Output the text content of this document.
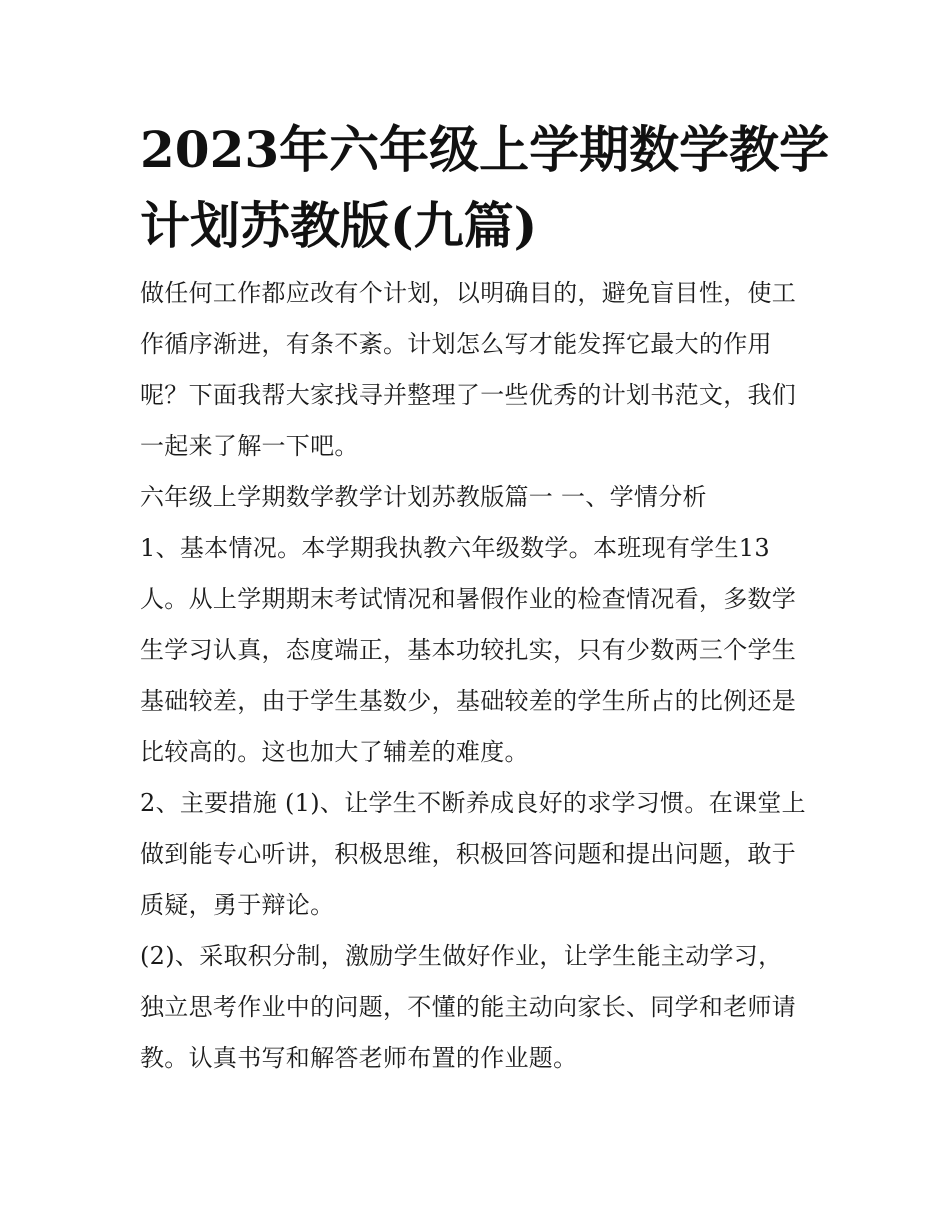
2023年六年级上学期数学教学
计划苏教版(九篇)
做任何工作都应改有个计划，以明确目的，避免盲目性，使工
作循序渐进，有条不紊。计划怎么写才能发挥它最大的作用
呢？下面我帮大家找寻并整理了一些优秀的计划书范文，我们
一起来了解一下吧。
六年级上学期数学教学计划苏教版篇一 一、学情分析
1、基本情况。本学期我执教六年级数学。本班现有学生13
人。从上学期期末考试情况和暑假作业的检查情况看，多数学
生学习认真，态度端正，基本功较扎实，只有少数两三个学生
基础较差，由于学生基数少，基础较差的学生所占的比例还是
比较高的。这也加大了辅差的难度。
2、主要措施 (1)、让学生不断养成良好的求学习惯。在课堂上
做到能专心听讲，积极思维，积极回答问题和提出问题，敢于
质疑，勇于辩论。
(2)、采取积分制，激励学生做好作业，让学生能主动学习，
独立思考作业中的问题，不懂的能主动向家长、同学和老师请
教。认真书写和解答老师布置的作业题。
